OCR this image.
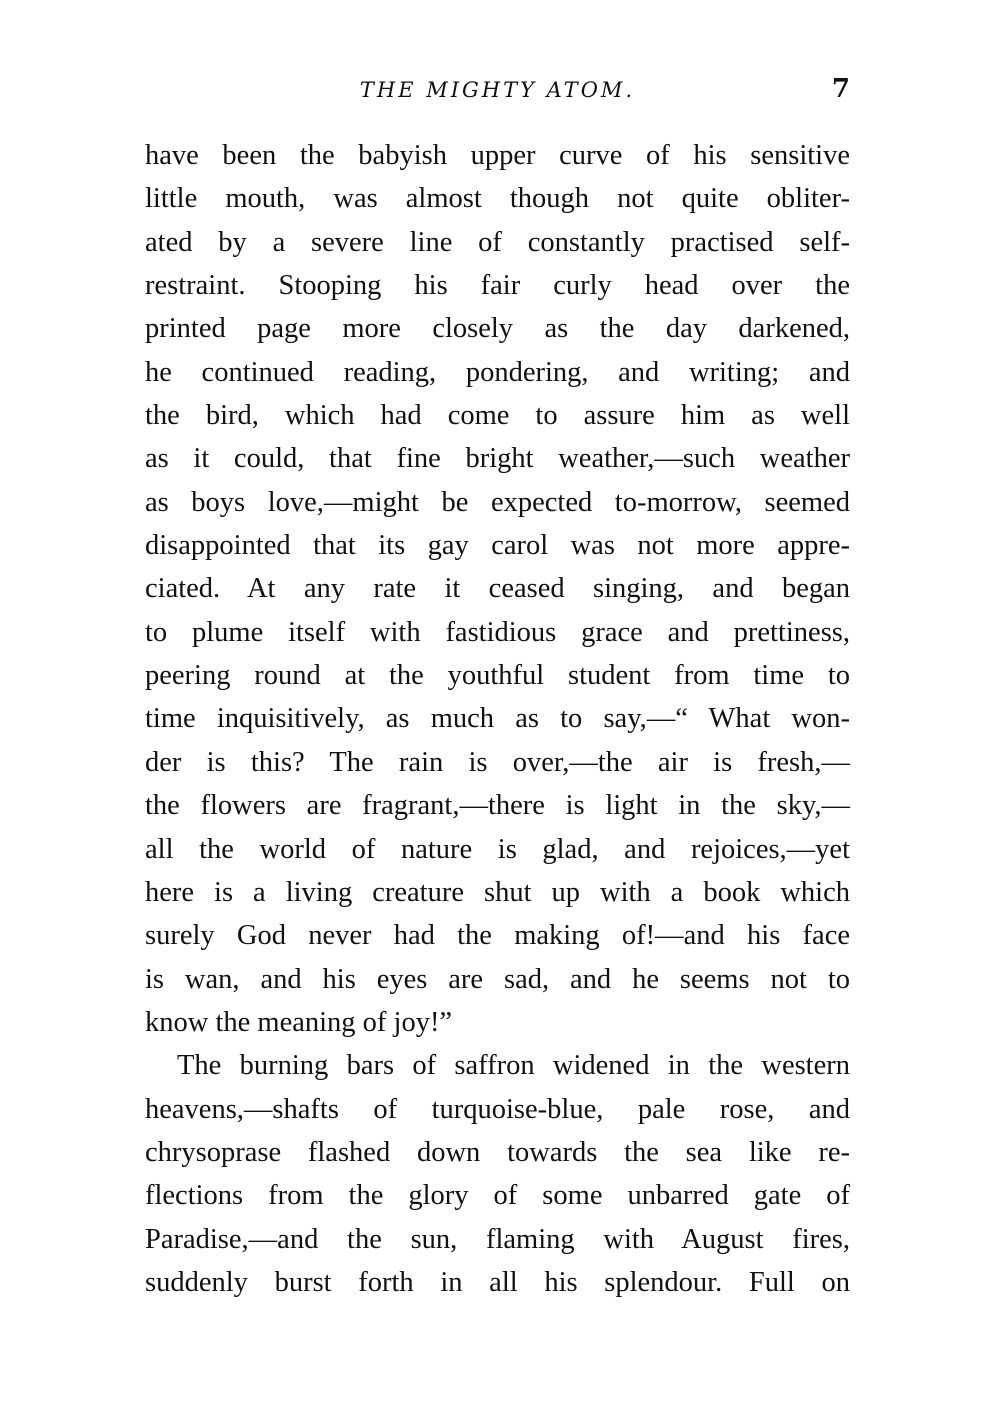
THE MIGHTY ATOM.	7
have been the babyish upper curve of his sensitive
little mouth, was almost though not quite obliter-
ated by a severe line of constantly practised self-
restraint. Stooping his fair curly head over the
printed page more closely as the day darkened,
he continued reading, pondering, and writing; and
the bird, which had come to assure him as well
as it could, that fine bright weather,—such weather
as boys love,—might be expected to-morrow, seemed
disappointed that its gay carol was not more appre-
ciated. At any rate it ceased singing, and began
to plume itself with fastidious grace and prettiness,
peering round at the youthful student from time to
time inquisitively, as much as to say,—“ What won-
der is this? The rain is over,—the air is fresh,—
the flowers are fragrant,—there is light in the sky,—
all the world of nature is glad, and rejoices,—yet
here is a living creature shut up with a book which
surely God never had the making of!—and his face
is wan, and his eyes are sad, and he seems not to
know the meaning of joy!”
The burning bars of saffron widened in the western
heavens,—shafts of turquoise-blue, pale rose, and
chrysoprase flashed down towards the sea like re-
flections from the glory of some unbarred gate of
Paradise,—and the sun, flaming with August fires,
suddenly burst forth in all his splendour. Full on
